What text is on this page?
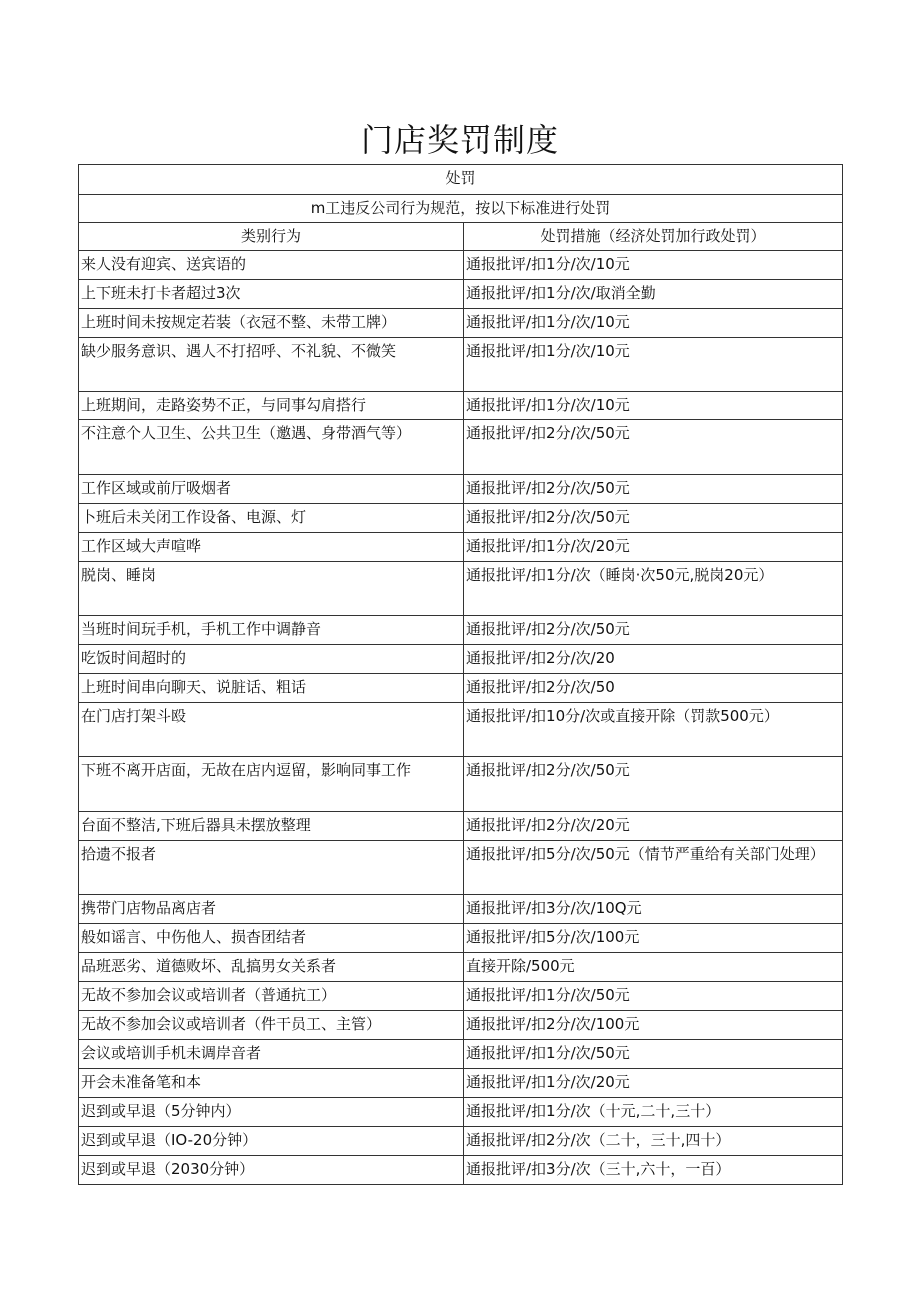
门店奖罚制度
处罚	
m工违反公司行为规范，按以下标准进行处罚	
类别行为	处罚措施（经济处罚加行政处罚）
来人没有迎宾、送宾语的	通报批评/扣1分/次/10元
上下班未打卡者超过3次	通报批评/扣1分/次/取消全勤
上班时间未按规定若装（衣冠不整、未带工牌）	通报批评/扣1分/次/10元
缺少服务意识、遇人不打招呼、不礼貌、不微笑	通报批评/扣1分/次/10元
上班期间，走路姿势不正，与同事勾肩搭行	通报批评/扣1分/次/10元
不注意个人卫生、公共卫生（邀遇、身带酒气等）	通报批评/扣2分/次/50元
工作区域或前厅吸烟者	通报批评/扣2分/次/50元
卜班后未关闭工作设备、电源、灯	通报批评/扣2分/次/50元
工作区域大声喧哗	通报批评/扣1分/次/20元
脱岗、睡岗	通报批评/扣1分/次（睡岗·次50元,脱岗20元）
当班时间玩手机，手机工作中调静音	通报批评/扣2分/次/50元
吃饭时间超时的	通报批评/扣2分/次/20
上班时间串向聊天、说脏话、粗话	通报批评/扣2分/次/50
在门店打架斗殴	通报批评/扣10分/次或直接开除（罚款500元）
下班不离开店面，无故在店内逗留，影响同事工作	通报批评/扣2分/次/50元
台面不整洁,下班后器具未摆放整理	通报批评/扣2分/次/20元
拾遗不报者	通报批评/扣5分/次/50元（情节严重给有关部门处理）
携带门店物品离店者	通报批评/扣3分/次/10Q元
般如谣言、中伤他人、损杳团结者	通报批评/扣5分/次/100元
品班恶劣、道德败坏、乱搞男女关系者	直接开除/500元
无故不参加会议或培训者（普通抗工）	通报批评/扣1分/次/50元
无故不参加会议或培训者（件干员工、主管）	通报批评/扣2分/次/100元
会议或培训手机未调岸音者	通报批评/扣1分/次/50元
开会未准备笔和本	通报批评/扣1分/次/20元
迟到或早退（5分钟内）	通报批评/扣1分/次（十元,二十,三十）
迟到或早退（IO-20分钟）	通报批评/扣2分/次（二十，三十,四十）
迟到或早退（2030分钟）	通报批评/扣3分/次（三十,六十，一百）
